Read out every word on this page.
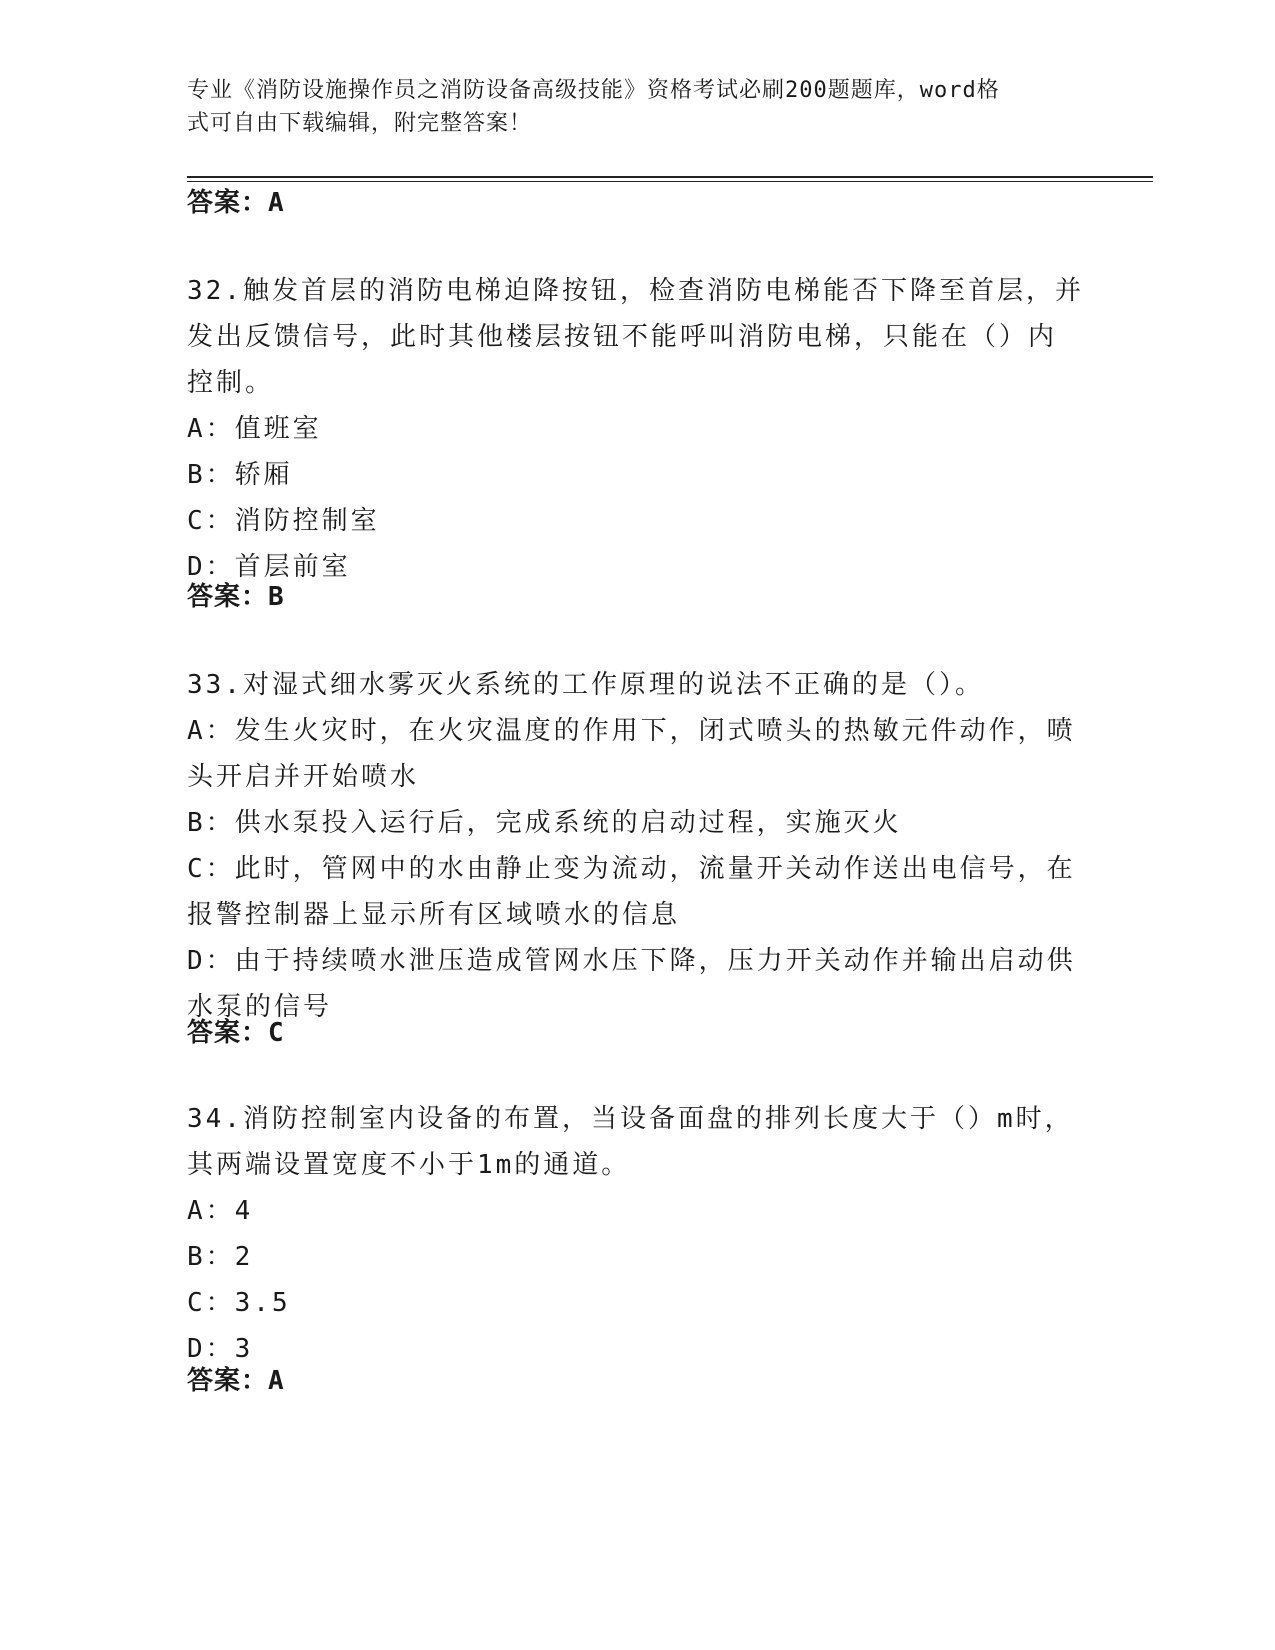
专业《消防设施操作员之消防设备高级技能》资格考试必刷200题题库，word格
式可自由下载编辑，附完整答案！
答案：A
32.触发首层的消防电梯迫降按钮，检查消防电梯能否下降至首层，并
发出反馈信号，此时其他楼层按钮不能呼叫消防电梯，只能在（）内
控制。
A：值班室
B：轿厢
C：消防控制室
D：首层前室
答案：B
33.对湿式细水雾灭火系统的工作原理的说法不正确的是（）。
A：发生火灾时，在火灾温度的作用下，闭式喷头的热敏元件动作，喷
头开启并开始喷水
B：供水泵投入运行后，完成系统的启动过程，实施灭火
C：此时，管网中的水由静止变为流动，流量开关动作送出电信号，在
报警控制器上显示所有区域喷水的信息
D：由于持续喷水泄压造成管网水压下降，压力开关动作并输出启动供
水泵的信号
答案：C
34.消防控制室内设备的布置，当设备面盘的排列长度大于（）m时，
其两端设置宽度不小于1m的通道。
A：4
B：2
C：3.5
D：3
答案：A
